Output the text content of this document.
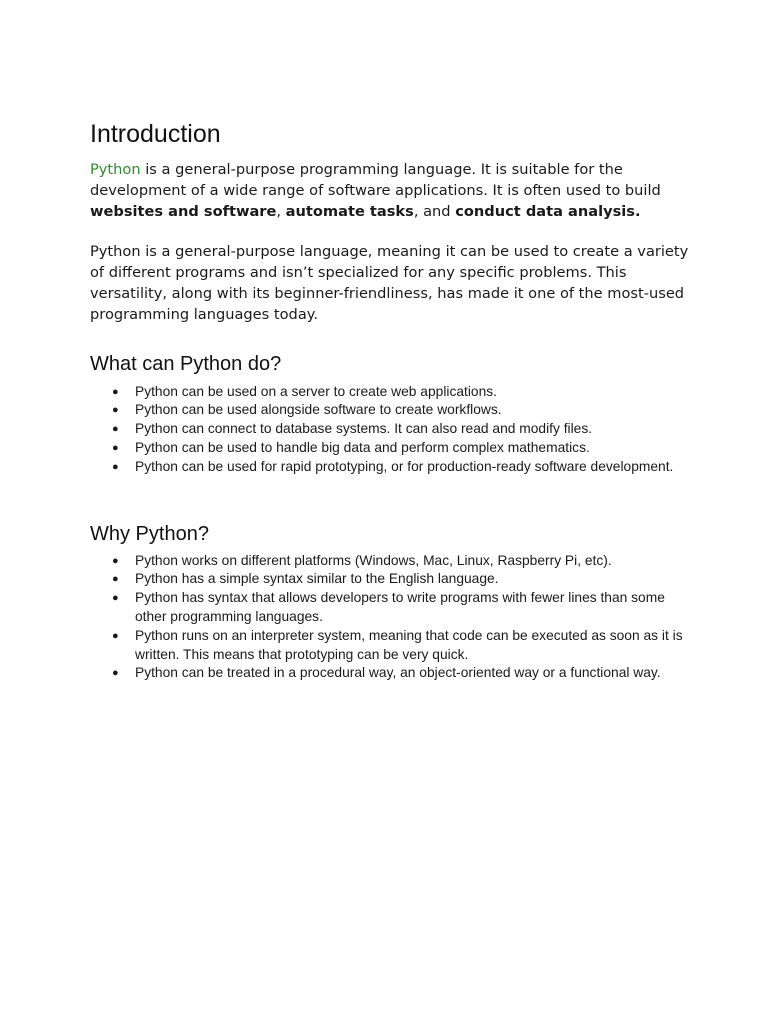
Introduction

Python is a general-purpose programming language. It is suitable for the development of a wide range of software applications. It is often used to build websites and software, automate tasks, and conduct data analysis.

Python is a general-purpose language, meaning it can be used to create a variety of different programs and isn’t specialized for any specific problems. This versatility, along with its beginner-friendliness, has made it one of the most-used programming languages today.

What can Python do?
● Python can be used on a server to create web applications.
● Python can be used alongside software to create workflows.
● Python can connect to database systems. It can also read and modify files.
● Python can be used to handle big data and perform complex mathematics.
● Python can be used for rapid prototyping, or for production-ready software development.
Why Python?
● Python works on different platforms (Windows, Mac, Linux, Raspberry Pi, etc).
● Python has a simple syntax similar to the English language.
● Python has syntax that allows developers to write programs with fewer lines than some other programming languages.
● Python runs on an interpreter system, meaning that code can be executed as soon as it is written. This means that prototyping can be very quick.
● Python can be treated in a procedural way, an object-oriented way or a functional way.
